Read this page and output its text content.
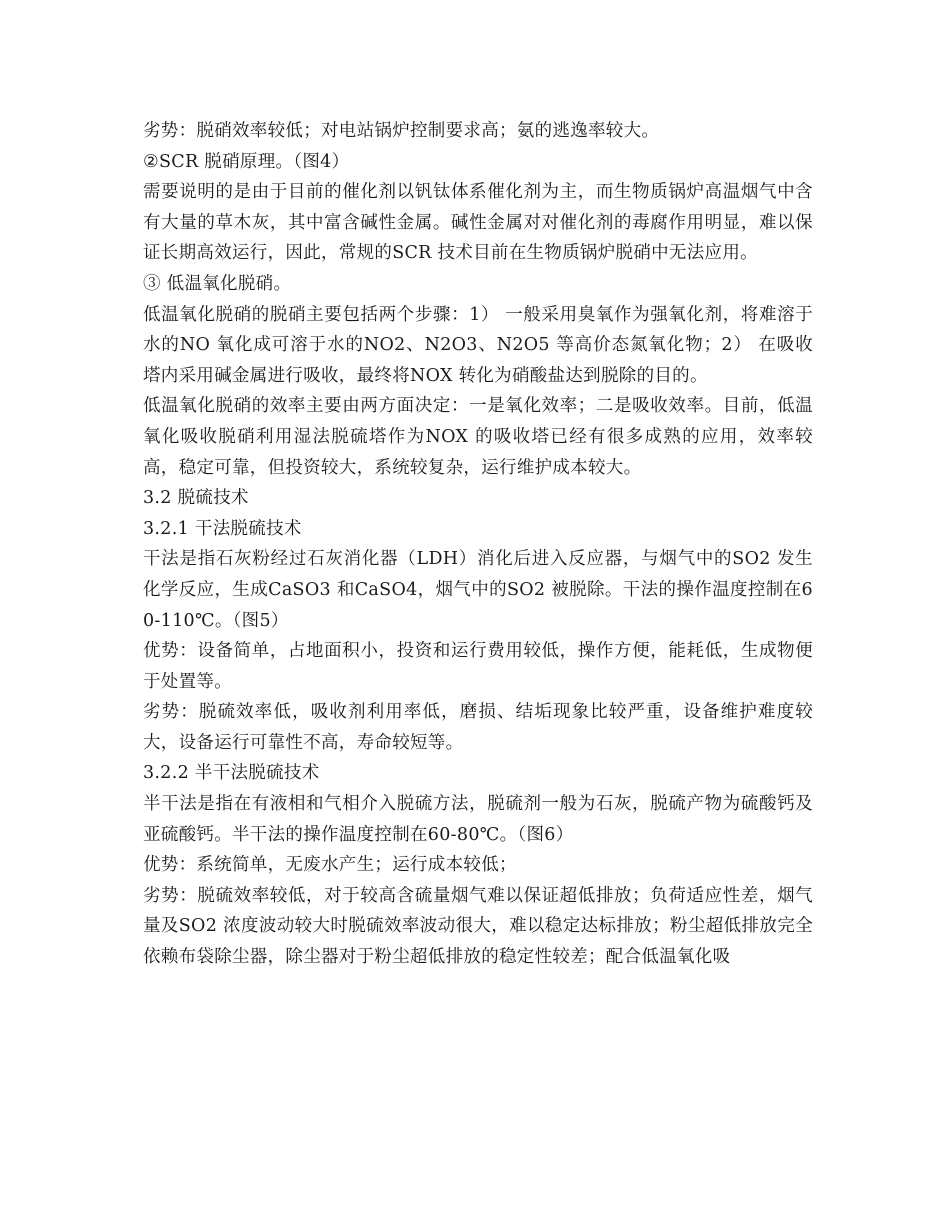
劣势：脱硝效率较低；对电站锅炉控制要求高；氨的逃逸率较大。

②SCR 脱硝原理。（图4）

需要说明的是由于目前的催化剂以钒钛体系催化剂为主，而生物质锅炉高温烟气中含有大量的草木灰，其中富含碱性金属。碱性金属对对催化剂的毒腐作用明显，难以保证长期高效运行，因此，常规的SCR 技术目前在生物质锅炉脱硝中无法应用。

③ 低温氧化脱硝。

低温氧化脱硝的脱硝主要包括两个步骤：1） 一般采用臭氧作为强氧化剂，将难溶于水的NO 氧化成可溶于水的NO2、N2O3、N2O5 等高价态氮氧化物；2） 在吸收塔内采用碱金属进行吸收，最终将NOX 转化为硝酸盐达到脱除的目的。

低温氧化脱硝的效率主要由两方面决定：一是氧化效率；二是吸收效率。目前，低温氧化吸收脱硝利用湿法脱硫塔作为NOX 的吸收塔已经有很多成熟的应用，效率较高，稳定可靠，但投资较大，系统较复杂，运行维护成本较大。

3.2 脱硫技术

3.2.1 干法脱硫技术

干法是指石灰粉经过石灰消化器（LDH）消化后进入反应器，与烟气中的SO2 发生化学反应，生成CaSO3 和CaSO4，烟气中的SO2 被脱除。干法的操作温度控制在60-110℃。（图5）

优势：设备简单，占地面积小，投资和运行费用较低，操作方便，能耗低，生成物便于处置等。

劣势：脱硫效率低，吸收剂利用率低，磨损、结垢现象比较严重，设备维护难度较大，设备运行可靠性不高，寿命较短等。

3.2.2 半干法脱硫技术

半干法是指在有液相和气相介入脱硫方法，脱硫剂一般为石灰，脱硫产物为硫酸钙及亚硫酸钙。半干法的操作温度控制在60-80℃。（图6）

优势：系统简单，无废水产生；运行成本较低；

劣势：脱硫效率较低，对于较高含硫量烟气难以保证超低排放；负荷适应性差，烟气量及SO2 浓度波动较大时脱硫效率波动很大，难以稳定达标排放；粉尘超低排放完全依赖布袋除尘器，除尘器对于粉尘超低排放的稳定性较差；配合低温氧化吸
